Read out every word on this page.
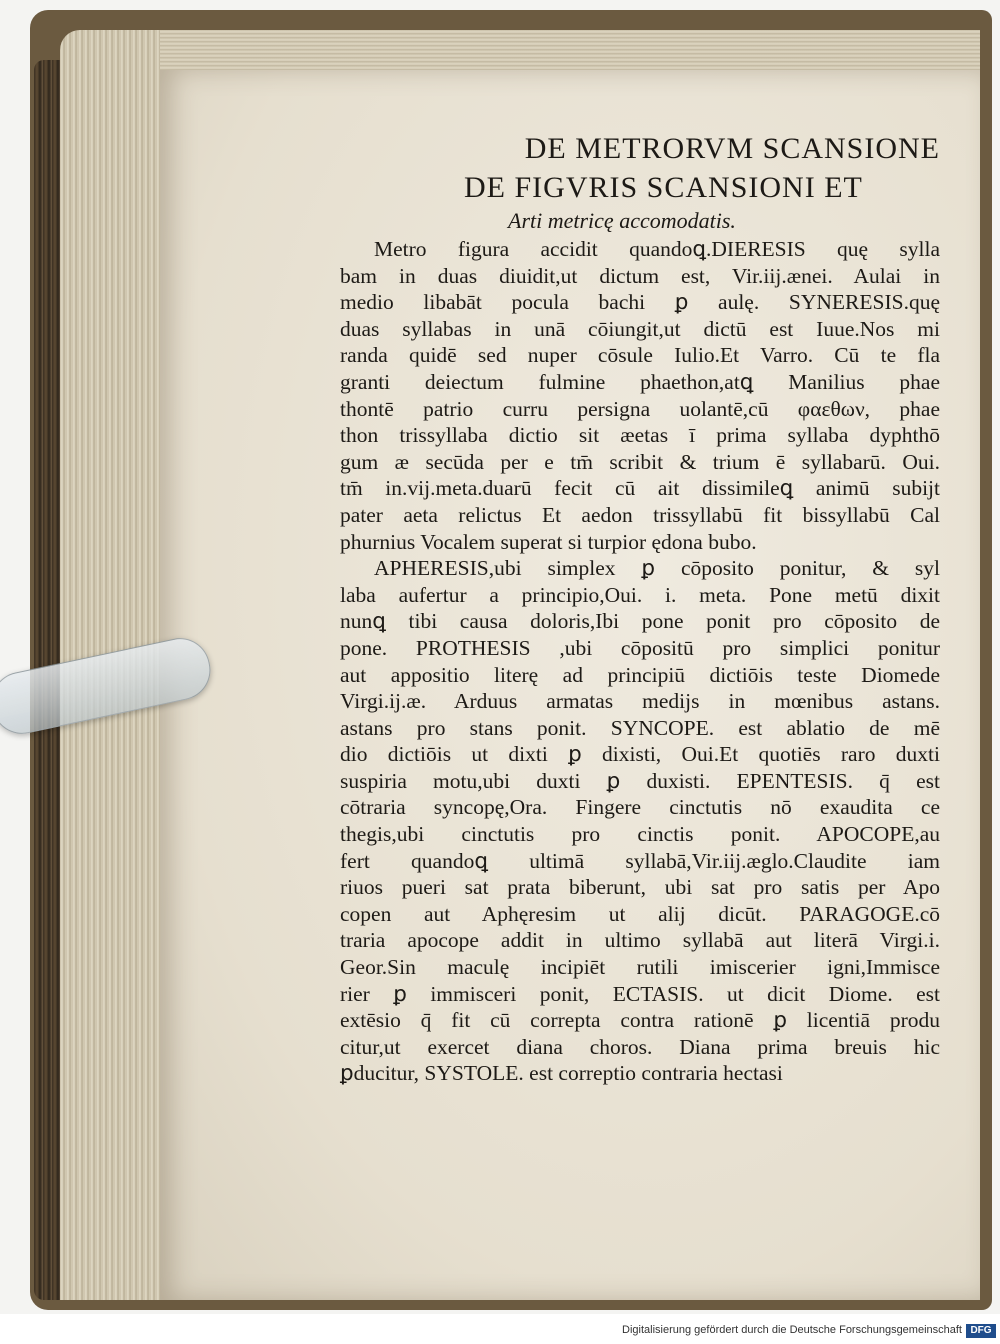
DE METRORVM SCANSIONE

DE FIGVRIS SCANSIONI ET

Arti metricę accomodatis.

Metro figura accidit quandoꝗ.DIERESIS quę sylla

bam in duas diuidit,ut dictum est, Vir.iij.ænei. Aulai in

medio libabāt pocula bachi ꝑ aulę. SYNERESIS.quę

duas syllabas in unā cōiungit,ut dictū est Iuue.Nos mi

randa quidē sed nuper cōsule Iulio.Et Varro. Cū te fla

granti deiectum fulmine phaethon,atꝗ Manilius phae

thontē patrio curru persigna uolantē,cū φαεθων, phae

thon trissyllaba dictio sit æetas ī prima syllaba dyphthō

gum æ secūda per e tm̄ scribit & trium ē syllabarū. Oui.

tm̄ in.vij.meta.duarū fecit cū ait dissimileꝗ animū subijt

pater aeta relictus Et aedon trissyllabū fit bissyllabū Cal

phurnius Vocalem superat si turpior ędona bubo.

APHERESIS,ubi simplex ꝑ cōposito ponitur, & syl

laba aufertur a principio,Oui. i. meta. Pone metū dixit

nunꝗ tibi causa doloris,Ibi pone ponit pro cōposito de

pone. PROTHESIS ,ubi cōpositū pro simplici ponitur

aut appositio literę ad principiū dictiōis teste Diomede

Virgi.ij.æ. Arduus armatas medijs in mœnibus astans.

astans pro stans ponit. SYNCOPE. est ablatio de mē

dio dictiōis ut dixti ꝑ dixisti, Oui.Et quotiēs raro duxti

suspiria motu,ubi duxti ꝑ duxisti. EPENTESIS. q̄ est

cōtraria syncopę,Ora. Fingere cinctutis nō exaudita ce

thegis,ubi cinctutis pro cinctis ponit. APOCOPE,au

fert quandoꝗ ultimā syllabā,Vir.iij.æglo.Claudite iam

riuos pueri sat prata biberunt, ubi sat pro satis per Apo

copen aut Aphęresim ut alij dicūt. PARAGOGE.cō

traria apocope addit in ultimo syllabā aut literā Virgi.i.

Geor.Sin maculę incipiēt rutili imiscerier igni,Immisce

rier ꝑ immisceri ponit, ECTASIS. ut dicit Diome. est

extēsio q̄ fit cū correpta contra rationē ꝑ licentiā produ

citur,ut exercet diana choros. Diana prima breuis hic

ꝑducitur, SYSTOLE. est correptio contraria hectasi

Digitalisierung gefördert durch die Deutsche Forschungsgemeinschaft DFG
